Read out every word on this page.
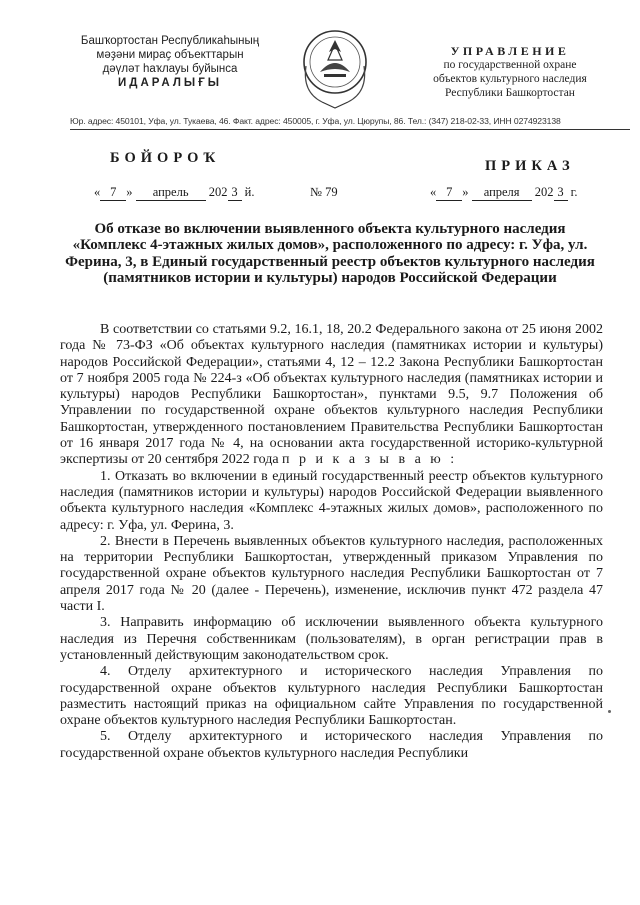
Башҡортостан Республикаһының
мәҙәни мираҫ объекттарын
дәүләт һаҡлауы буйынса
ИДАРАЛЫҒЫ
УПРАВЛЕНИЕ
по государственной охране
объектов культурного наследия
Республики Башкортостан
Юр. адрес: 450101, Уфа, ул. Тукаева, 46. Факт. адрес: 450005, г. Уфа, ул. Цюрупы, 86. Тел.: (347) 218-02-33, ИНН 0274923138
БОЙОРОҠ	ПРИКАЗ
« 7 » апрель 202 3 й.	№ 79	« 7 » апреля 202 3 г.
Об отказе во включении выявленного объекта культурного наследия «Комплекс 4-этажных жилых домов», расположенного по адресу: г. Уфа, ул. Ферина, 3, в Единый государственный реестр объектов культурного наследия (памятников истории и культуры) народов Российской Федерации

В соответствии со статьями 9.2, 16.1, 18, 20.2 Федерального закона от 25 июня 2002 года № 73-ФЗ «Об объектах культурного наследия (памятниках истории и культуры) народов Российской Федерации», статьями 4, 12 – 12.2 Закона Республики Башкортостан от 7 ноября 2005 года № 224-з «Об объектах культурного наследия (памятниках истории и культуры) народов Республики Башкортостан», пунктами 9.5, 9.7 Положения об Управлении по государственной охране объектов культурного наследия Республики Башкортостан, утвержденного постановлением Правительства Республики Башкортостан от 16 января 2017 года № 4, на основании акта государственной историко-культурной экспертизы от 20 сентября 2022 года п р и к а з ы в а ю :

1. Отказать во включении в единый государственный реестр объектов культурного наследия (памятников истории и культуры) народов Российской Федерации выявленного объекта культурного наследия «Комплекс 4-этажных жилых домов», расположенного по адресу: г. Уфа, ул. Ферина, 3.

2. Внести в Перечень выявленных объектов культурного наследия, расположенных на территории Республики Башкортостан, утвержденный приказом Управления по государственной охране объектов культурного наследия Республики Башкортостан от 7 апреля 2017 года № 20 (далее - Перечень), изменение, исключив пункт 472 раздела 47 части I.

3. Направить информацию об исключении выявленного объекта культурного наследия из Перечня собственникам (пользователям), в орган регистрации прав в установленный действующим законодательством срок.

4. Отделу архитектурного и исторического наследия Управления по государственной охране объектов культурного наследия Республики Башкортостан разместить настоящий приказ на официальном сайте Управления по государственной охране объектов культурного наследия Республики Башкортостан.

5. Отделу архитектурного и исторического наследия Управления по государственной охране объектов культурного наследия Республики
